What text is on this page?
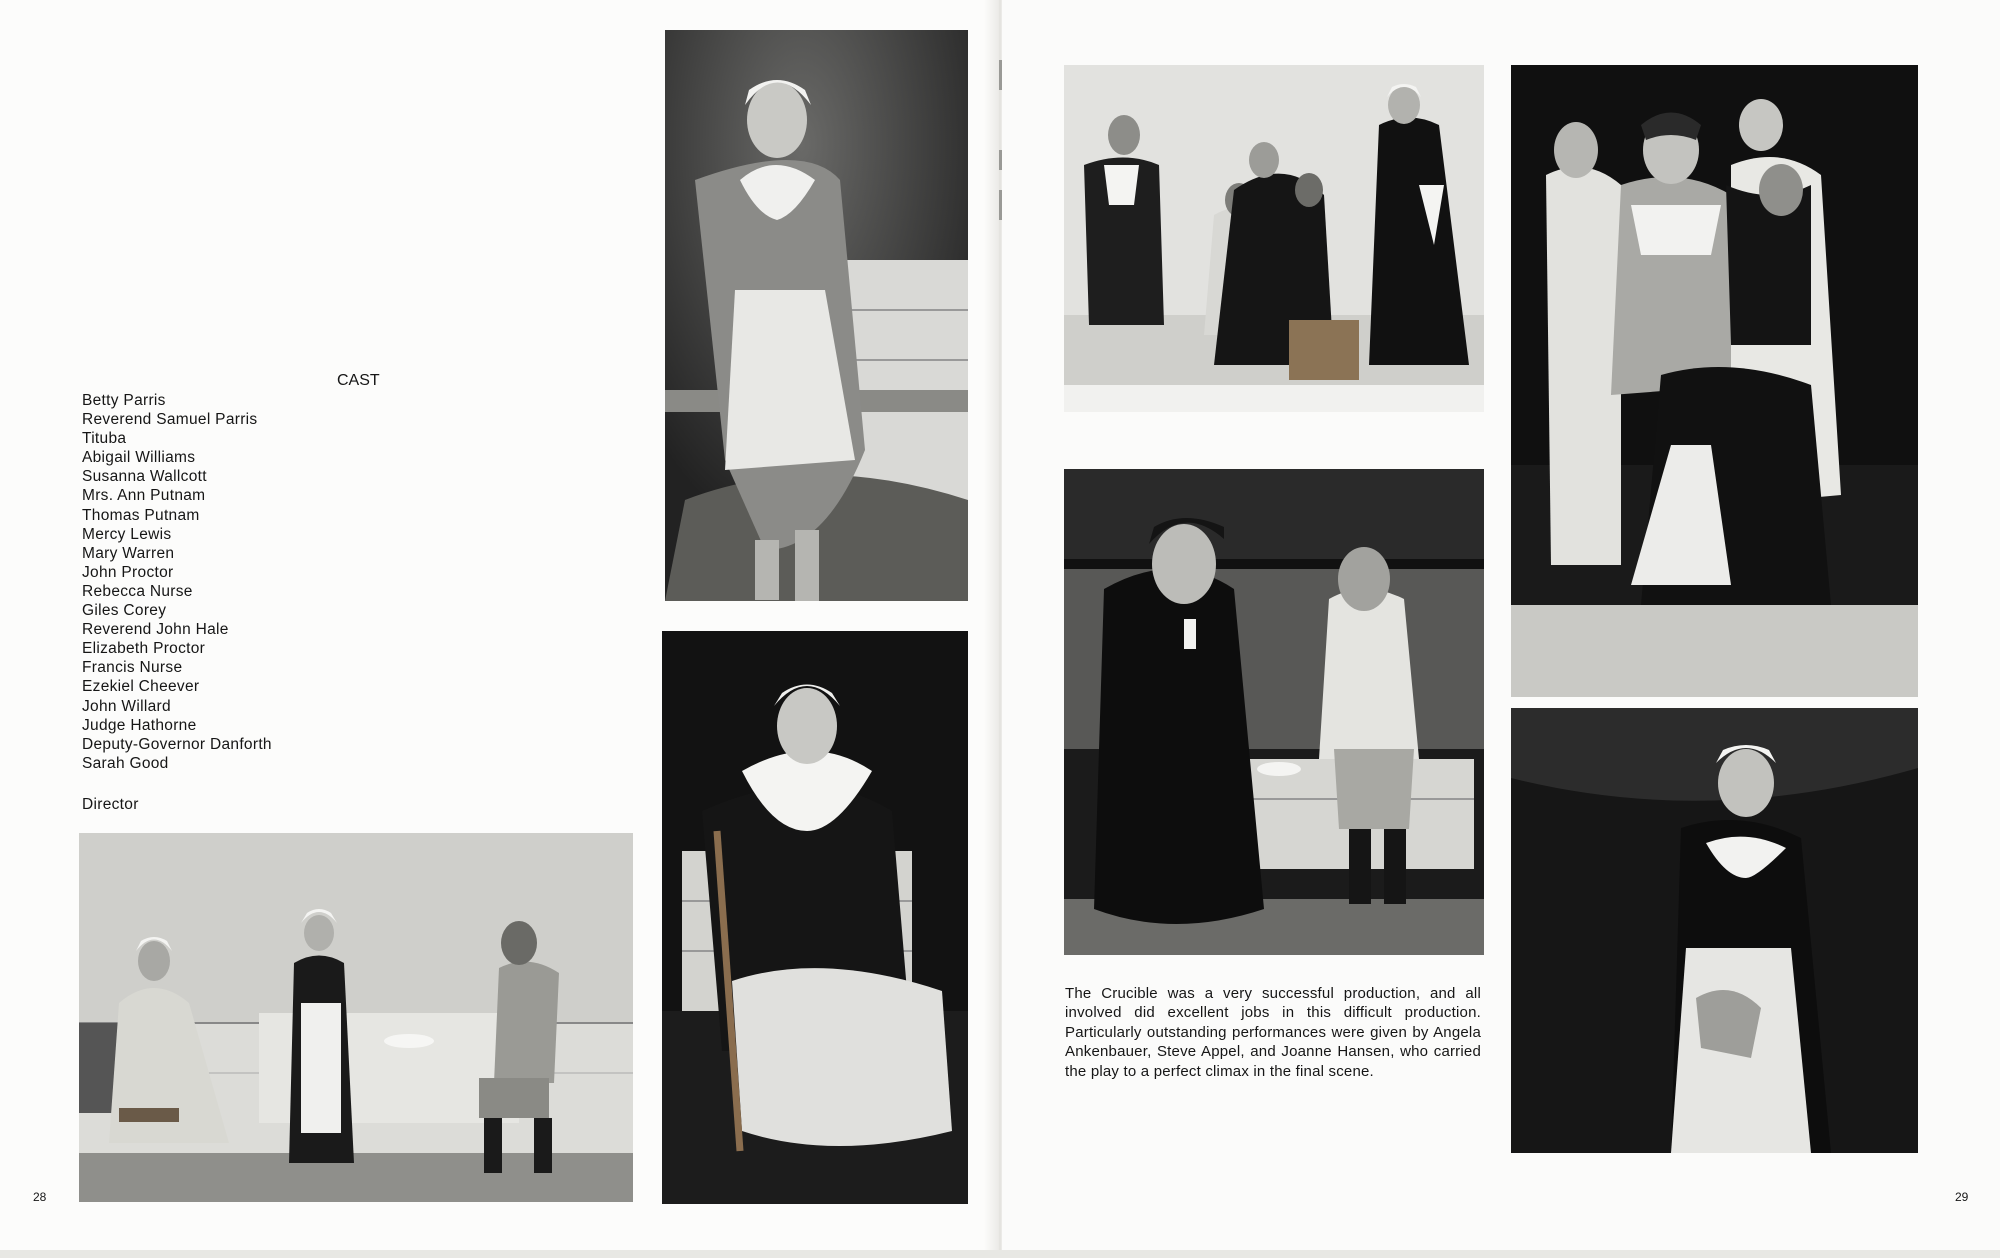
CAST
Betty Parris
Reverend Samuel Parris
Tituba
Abigail Williams
Susanna Wallcott
Mrs. Ann Putnam
Thomas Putnam
Mercy Lewis
Mary Warren
John Proctor
Rebecca Nurse
Giles Corey
Reverend John Hale
Elizabeth Proctor
Francis Nurse
Ezekiel Cheever
John Willard
Judge Hathorne
Deputy-Governor Danforth
Sarah Good
Director
28	29

The Crucible was a very successful production, and all involved did excellent jobs in this difficult production. Particularly outstanding performances were given by Angela Ankenbauer, Steve Appel, and Joanne Hansen, who carried the play to a perfect climax in the final scene.
